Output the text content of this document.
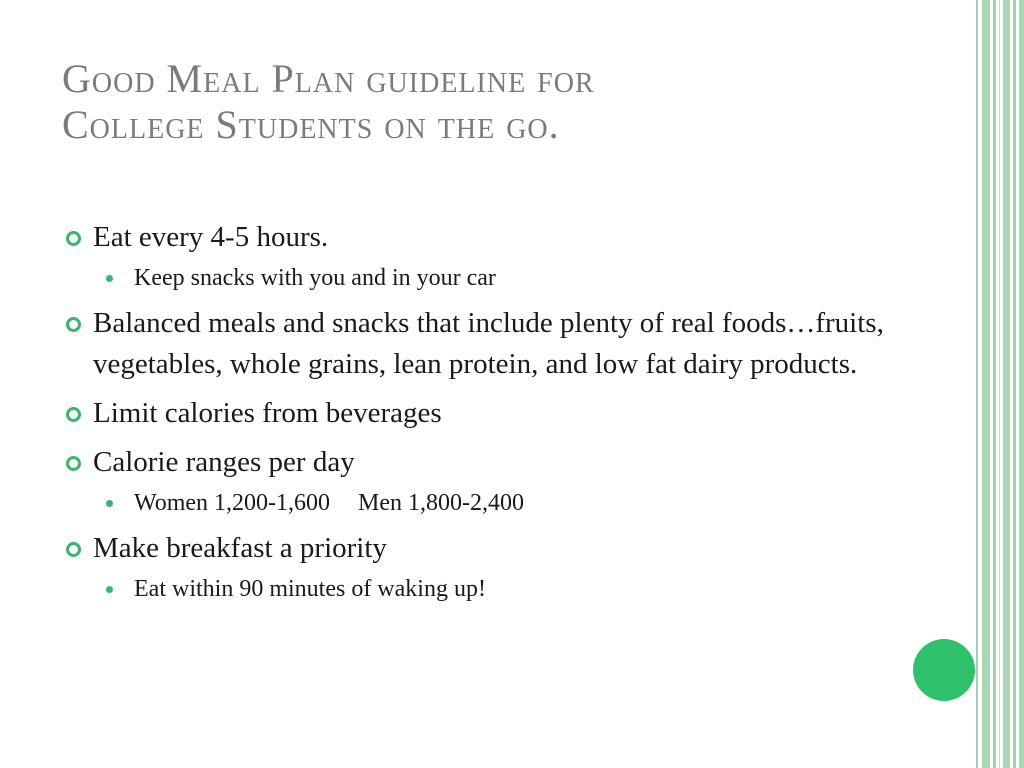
Good Meal Plan guideline for
College Students on the go.
Eat every 4-5 hours.
Keep snacks with you and in your car
Balanced meals and snacks that include plenty of real foods…fruits, vegetables, whole grains, lean protein, and low fat dairy products.
Limit calories from beverages
Calorie ranges per day
Women 1,200-1,600 Men 1,800-2,400
Make breakfast a priority
Eat within 90 minutes of waking up!
